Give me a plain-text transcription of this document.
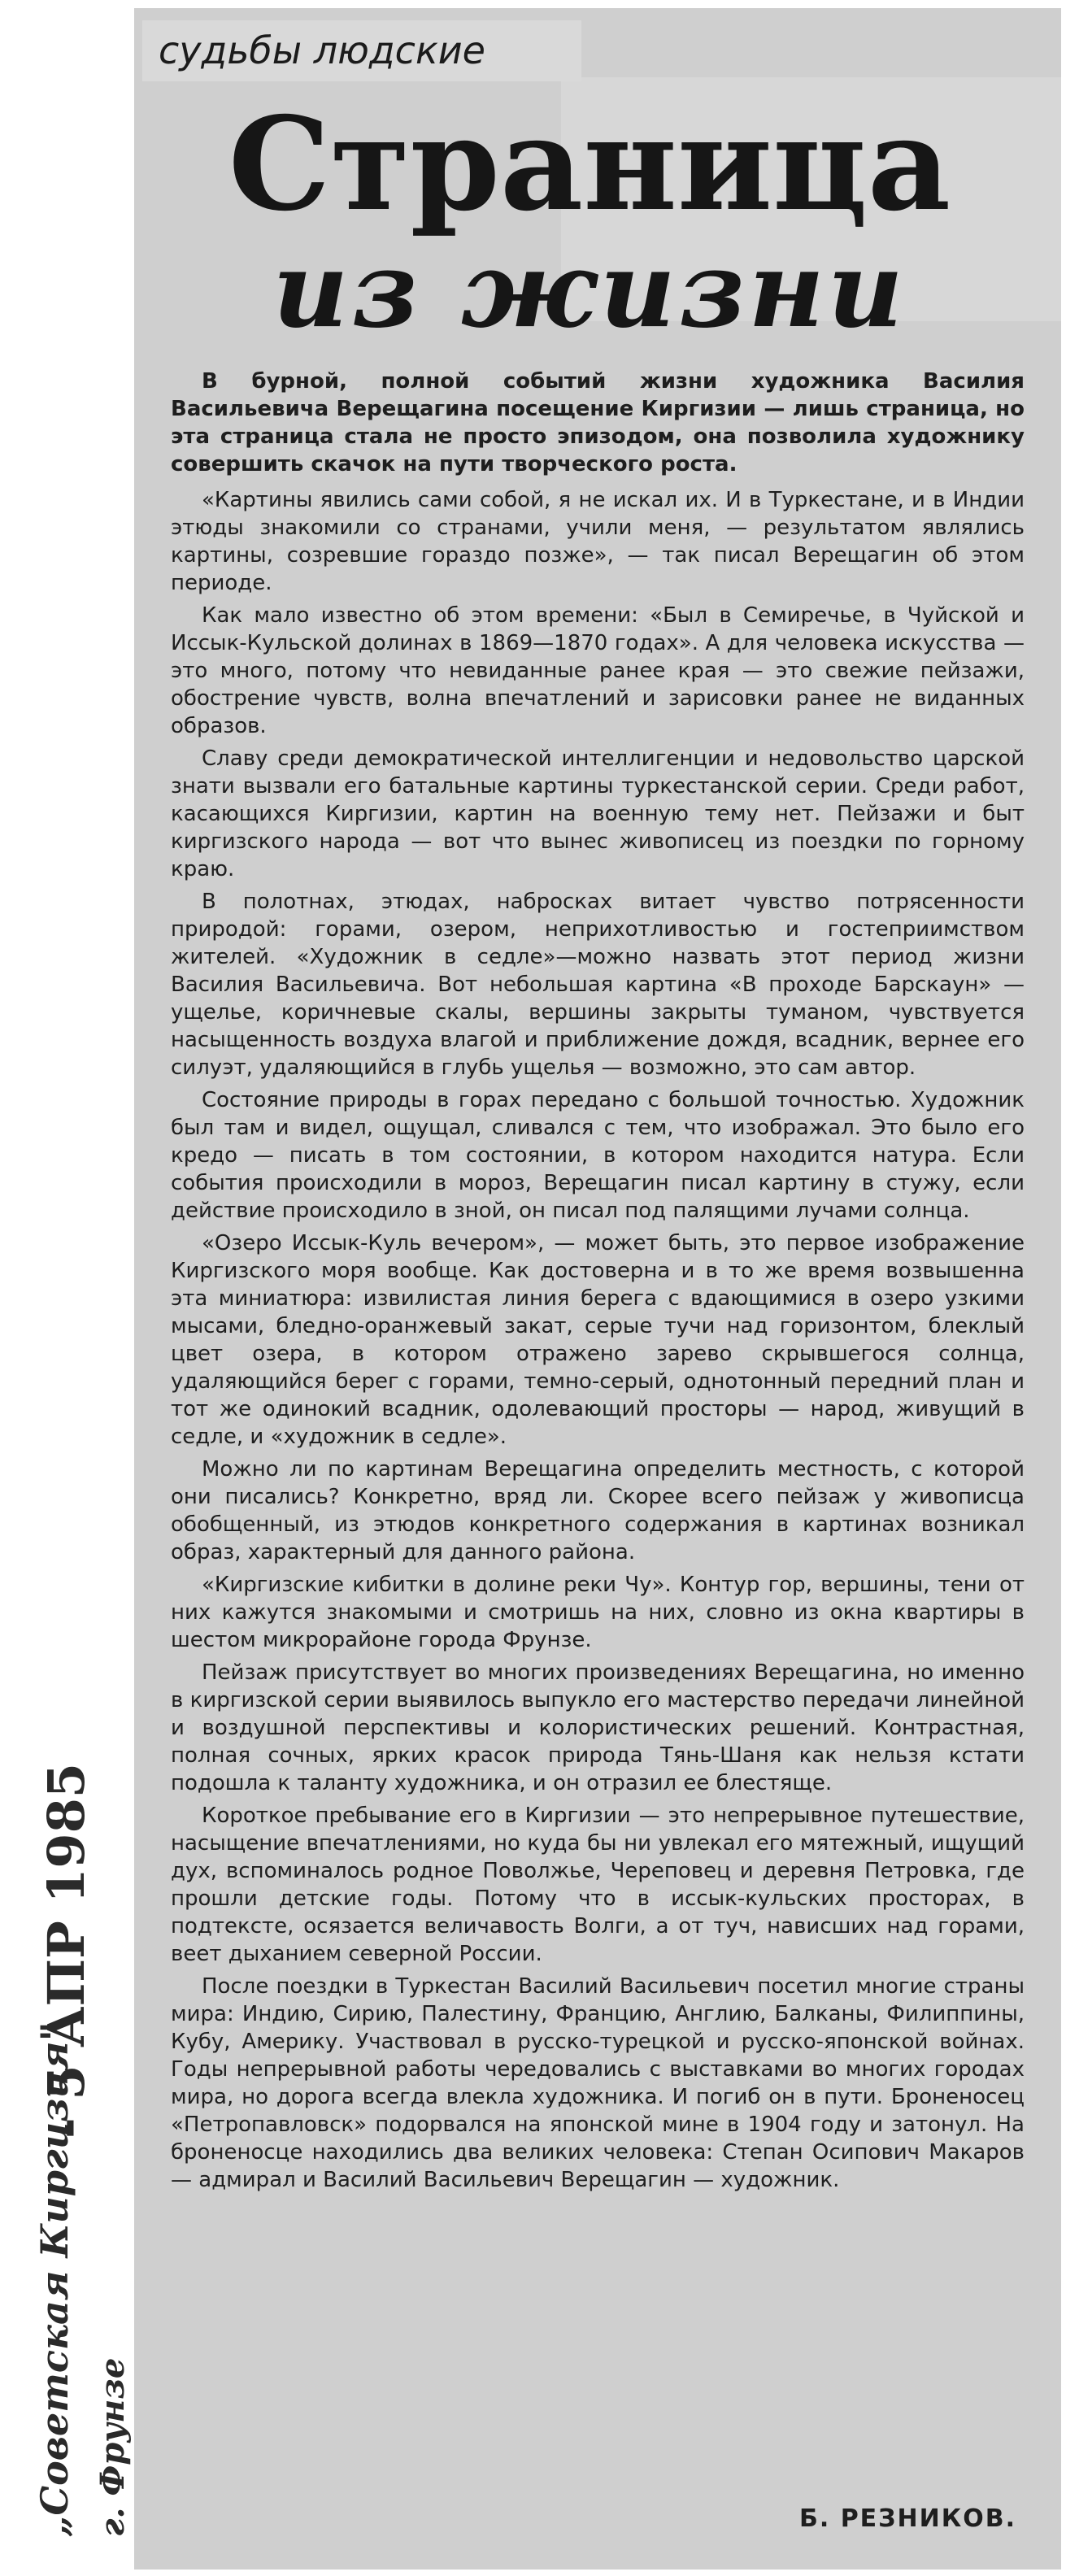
„Советская Киргизия" г. Фрунзе
- 5 АПР 1985
судьбы людские
Страница
из жизни

В бурной, полной событий жизни художника Василия Васильевича Верещагина посещение Киргизии — лишь страница, но эта страница стала не просто эпизодом, она позволила художнику совершить скачок на пути творческого роста.

«Картины явились сами собой, я не искал их. И в Туркестане, и в Индии этюды знакомили со странами, учили меня, — результатом являлись картины, созревшие гораздо позже», — так писал Верещагин об этом периоде.

Как мало известно об этом времени: «Был в Семиречье, в Чуйской и Иссык-Кульской долинах в 1869—1870 годах». А для человека искусства — это много, потому что невиданные ранее края — это свежие пейзажи, обострение чувств, волна впечатлений и зарисовки ранее не виданных образов.

Славу среди демократической интеллигенции и недовольство царской знати вызвали его батальные картины туркестанской серии. Среди работ, касающихся Киргизии, картин на военную тему нет. Пейзажи и быт киргизского народа — вот что вынес живописец из поездки по горному краю.

В полотнах, этюдах, набросках витает чувство потрясенности природой: горами, озером, неприхотливостью и гостеприимством жителей. «Художник в седле»—можно назвать этот период жизни Василия Васильевича. Вот небольшая картина «В проходе Барскаун» — ущелье, коричневые скалы, вершины закрыты туманом, чувствуется насыщенность воздуха влагой и приближение дождя, всадник, вернее его силуэт, удаляющийся в глубь ущелья — возможно, это сам автор.

Состояние природы в горах передано с большой точностью. Художник был там и видел, ощущал, сливался с тем, что изображал. Это было его кредо — писать в том состоянии, в котором находится натура. Если события происходили в мороз, Верещагин писал картину в стужу, если действие происходило в зной, он писал под палящими лучами солнца.

«Озеро Иссык-Куль вечером», — может быть, это первое изображение Киргизского моря вообще. Как достоверна и в то же время возвышенна эта миниатюра: извилистая линия берега с вдающимися в озеро узкими мысами, бледно-оранжевый закат, серые тучи над горизонтом, блеклый цвет озера, в котором отражено зарево скрывшегося солнца, удаляющийся берег с горами, темно-серый, однотонный передний план и тот же одинокий всадник, одолевающий просторы — народ, живущий в седле, и «художник в седле».

Можно ли по картинам Верещагина определить местность, с которой они писались? Конкретно, вряд ли. Скорее всего пейзаж у живописца обобщенный, из этюдов конкретного содержания в картинах возникал образ, характерный для данного района.

«Киргизские кибитки в долине реки Чу». Контур гор, вершины, тени от них кажутся знакомыми и смотришь на них, словно из окна квартиры в шестом микрорайоне города Фрунзе.

Пейзаж присутствует во многих произведениях Верещагина, но именно в киргизской серии выявилось выпукло его мастерство передачи линейной и воздушной перспективы и колористических решений. Контрастная, полная сочных, ярких красок природа Тянь-Шаня как нельзя кстати подошла к таланту художника, и он отразил ее блестяще.

Короткое пребывание его в Киргизии — это непрерывное путешествие, насыщение впечатлениями, но куда бы ни увлекал его мятежный, ищущий дух, вспоминалось родное Поволжье, Череповец и деревня Петровка, где прошли детские годы. Потому что в иссык-кульских просторах, в подтексте, осязается величавость Волги, а от туч, нависших над горами, веет дыханием северной России.

После поездки в Туркестан Василий Васильевич посетил многие страны мира: Индию, Сирию, Палестину, Францию, Англию, Балканы, Филиппины, Кубу, Америку. Участвовал в русско-турецкой и русско-японской войнах. Годы непрерывной работы чередовались с выставками во многих городах мира, но дорога всегда влекла художника. И погиб он в пути. Броненосец «Петропавловск» подорвался на японской мине в 1904 году и затонул. На броненосце находились два великих человека: Степан Осипович Макаров — адмирал и Василий Васильевич Верещагин — художник.

Б. РЕЗНИКОВ.
